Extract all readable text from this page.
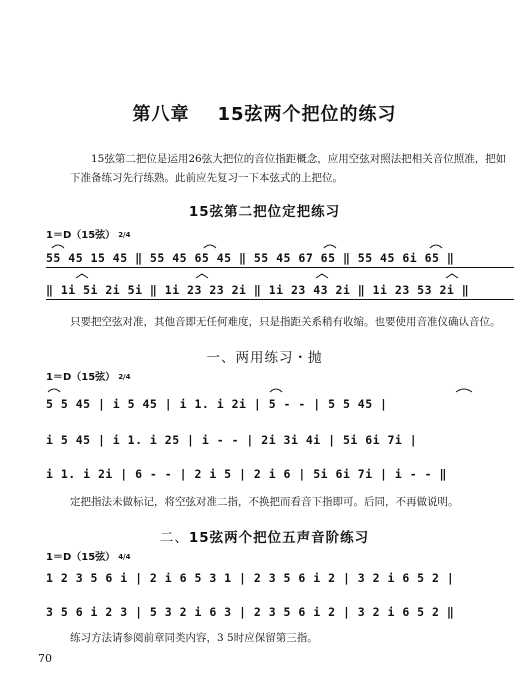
第八章 15弦两个把位的练习
15弦第二把位是运用26弦大把位的音位指距概念，应用空弦对照法把相关音位照准，把如下准备练习先行练熟。此前应先复习一下本弦式的上把位。
15弦第二把位定把练习
1＝D（15弦） 2/4
55 45 15 45 ‖ 55 45 65 45 ‖ 55 45 67 65 ‖ 55 45 6i 65 ‖
‖ 1i 5i 2i 5i ‖ 1i 23 23 2i ‖ 1i 23 43 2i ‖ 1i 23 53 2i ‖
只要把空弦对准，其他音即无任何难度，只是指距关系稍有收缩。也要使用音准仪确认音位。
一、两用练习・抛
1＝D（15弦） 2/4
5 5 45 | i 5 45 | i 1. i 2i | 5 - - | 5 5 45 |
i 5 45 | i 1. i 25 | i - - | 2i 3i 4i | 5i 6i 7i |
i 1. i 2i | 6 - - | 2 i 5 | 2 i 6 | 5i 6i 7i | i - - ‖
定把指法未做标记，将空弦对准二指，不换把而看音下指即可。后同，不再做说明。
二、15弦两个把位五声音阶练习
1＝D（15弦） 4/4
1 2 3 5 6 i | 2 i 6 5 3 1 | 2 3 5 6 i 2 | 3 2 i 6 5 2 |
3 5 6 i 2 3 | 5 3 2 i 6 3 | 2 3 5 6 i 2 | 3 2 i 6 5 2 ‖
练习方法请参阅前章同类内容，3 5时应保留第三指。
70
